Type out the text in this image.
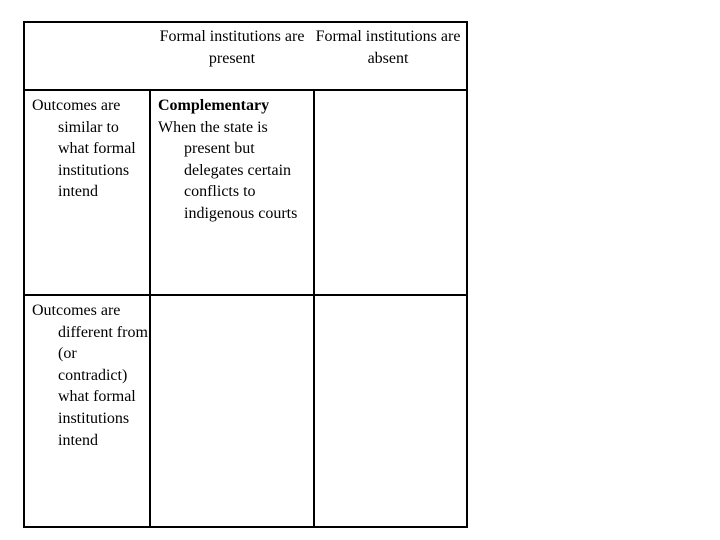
Formal institutions are present

Formal institutions are absent

Outcomes are similar to what formal institutions intend

Complementary

When the state is present but delegates certain conflicts to indigenous courts

Outcomes are different from (or contradict) what formal institutions intend
